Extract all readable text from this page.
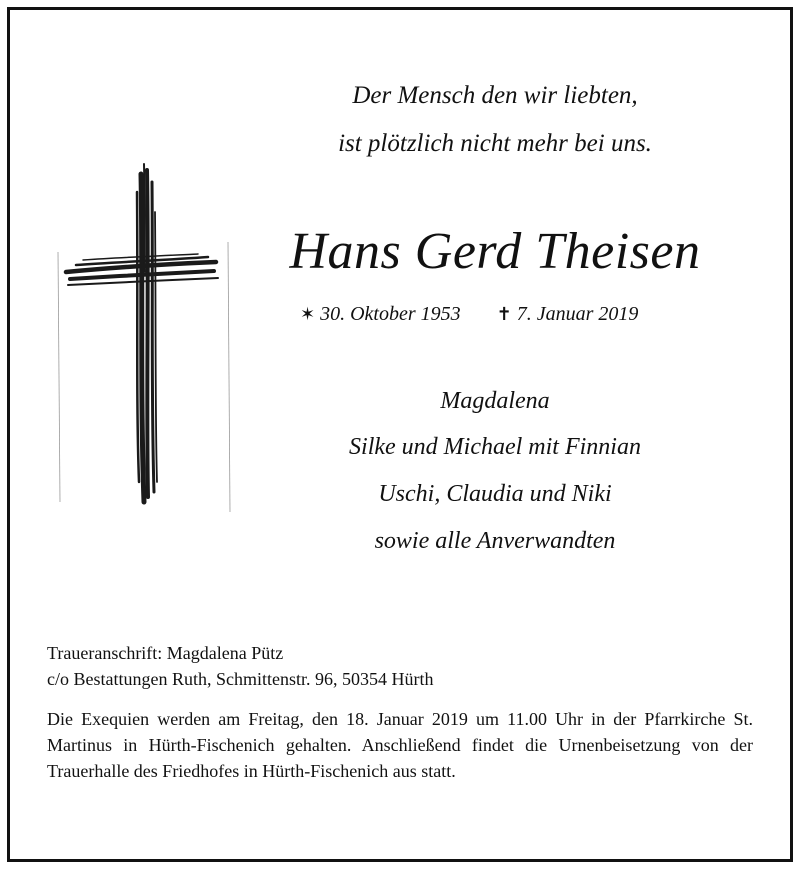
Der Mensch den wir liebten,
ist plötzlich nicht mehr bei uns.
Hans Gerd Theisen
✶ 30. Oktober 1953 ✝ 7. Januar 2019
Magdalena
Silke und Michael mit Finnian
Uschi, Claudia und Niki
sowie alle Anverwandten
Traueranschrift: Magdalena Pütz
c/o Bestattungen Ruth, Schmittenstr. 96, 50354 Hürth

Die Exequien werden am Freitag, den 18. Januar 2019 um 11.00 Uhr in der Pfarrkirche St. Martinus in Hürth-Fischenich gehalten. Anschließend findet die Urnenbeisetzung von der Trauerhalle des Friedhofes in Hürth-Fischenich aus statt.
